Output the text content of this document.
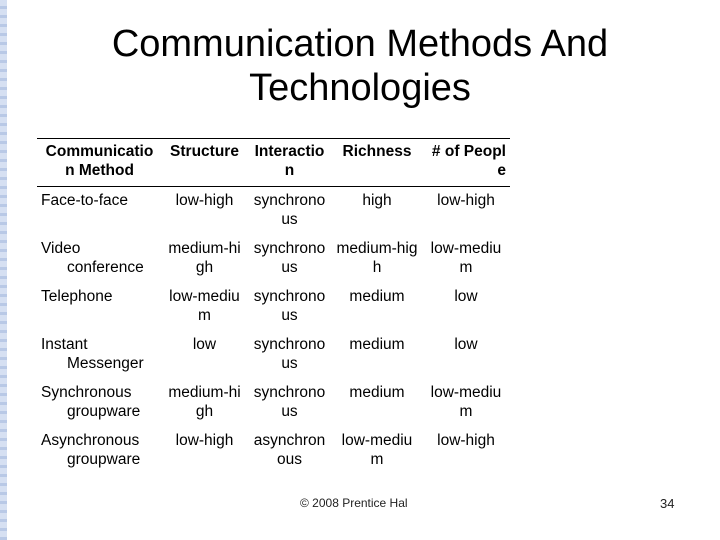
Communication Methods And Technologies
Communication Method	Structure	Interaction	Richness	# of People
Face-to-face	low-high	synchronous	high	low-high
Video
conference	medium-high	synchronous	medium-high	low-medium
Telephone	low-medium	synchronous	medium	low
Instant
Messenger	low	synchronous	medium	low
Synchronous
groupware	medium-high	synchronous	medium	low-medium
Asynchronous
groupware	low-high	asynchronous	low-medium	low-high
© 2008 Prentice Hal	34
